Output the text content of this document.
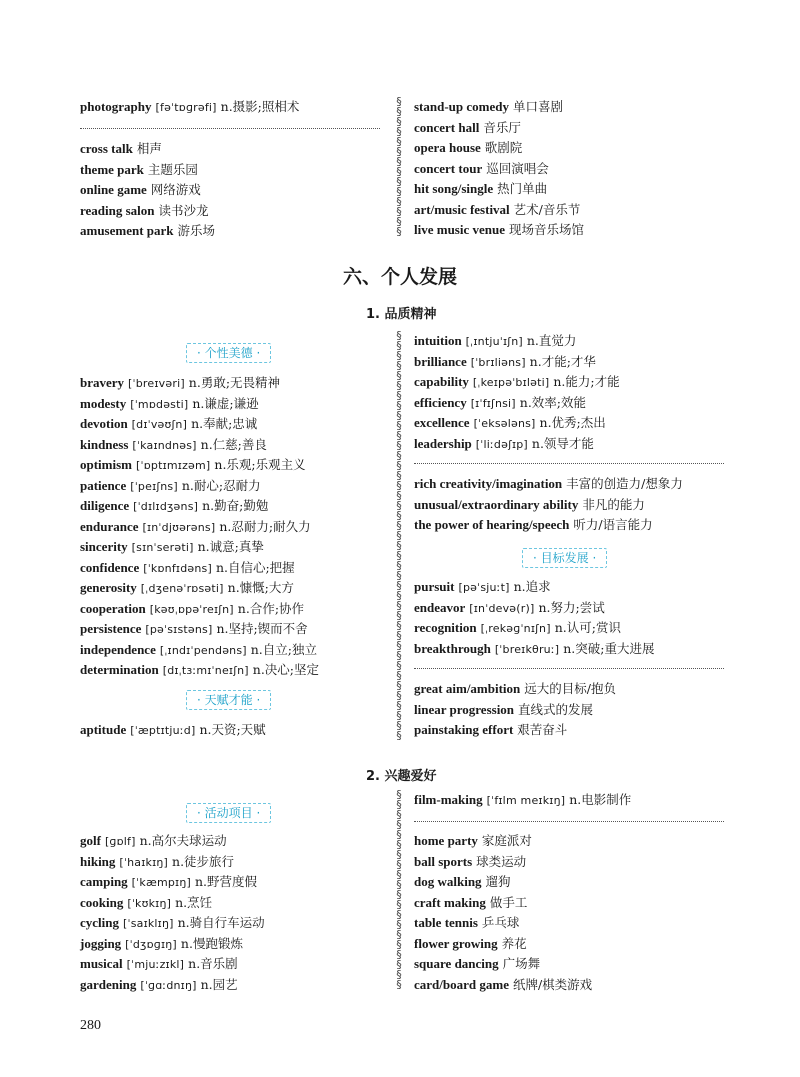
photography [fəˈtɒɡrəfi] n.摄影;照相术
cross talk 相声
theme park 主题乐园
online game 网络游戏
reading salon 读书沙龙
amusement park 游乐场
stand-up comedy 单口喜剧
concert hall 音乐厅
opera house 歌剧院
concert tour 巡回演唱会
hit song/single 热门单曲
art/music festival 艺术/音乐节
live music venue 现场音乐场馆
六、个人发展
1. 品质精神
· 个性美德 ·
bravery [ˈbreɪvəri] n.勇敢;无畏精神
modesty [ˈmɒdəsti] n.谦虚;谦逊
devotion [dɪˈvəʊʃn] n.奉献;忠诚
kindness [ˈkaɪndnəs] n.仁慈;善良
optimism [ˈɒptɪmɪzəm] n.乐观;乐观主义
patience [ˈpeɪʃns] n.耐心;忍耐力
diligence [ˈdɪlɪdʒəns] n.勤奋;勤勉
endurance [ɪnˈdjʊərəns] n.忍耐力;耐久力
sincerity [sɪnˈserəti] n.诚意;真挚
confidence [ˈkɒnfɪdəns] n.自信心;把握
generosity [ˌdʒenəˈrɒsəti] n.慷慨;大方
cooperation [kəʊˌɒpəˈreɪʃn] n.合作;协作
persistence [pəˈsɪstəns] n.坚持;锲而不舍
independence [ˌɪndɪˈpendəns] n.自立;独立
determination [dɪˌtɜːmɪˈneɪʃn] n.决心;坚定
· 天赋才能 ·
aptitude [ˈæptɪtjuːd] n.天资;天赋
intuition [ˌɪntjuˈɪʃn] n.直觉力
brilliance [ˈbrɪliəns] n.才能;才华
capability [ˌkeɪpəˈbɪləti] n.能力;才能
efficiency [ɪˈfɪʃnsi] n.效率;效能
excellence [ˈeksələns] n.优秀;杰出
leadership [ˈliːdəʃɪp] n.领导才能
rich creativity/imagination 丰富的创造力/想象力
unusual/extraordinary ability 非凡的能力
the power of hearing/speech 听力/语言能力
· 目标发展 ·
pursuit [pəˈsjuːt] n.追求
endeavor [ɪnˈdevə(r)] n.努力;尝试
recognition [ˌrekəɡˈnɪʃn] n.认可;赏识
breakthrough [ˈbreɪkθruː] n.突破;重大进展
great aim/ambition 远大的目标/抱负
linear progression 直线式的发展
painstaking effort 艰苦奋斗
2. 兴趣爱好
· 活动项目 ·
golf [ɡɒlf] n.高尔夫球运动
hiking [ˈhaɪkɪŋ] n.徒步旅行
camping [ˈkæmpɪŋ] n.野营度假
cooking [ˈkʊkɪŋ] n.烹饪
cycling [ˈsaɪklɪŋ] n.骑自行车运动
jogging [ˈdʒɒɡɪŋ] n.慢跑锻炼
musical [ˈmjuːzɪkl] n.音乐剧
gardening [ˈɡɑːdnɪŋ] n.园艺
film-making [ˈfɪlm meɪkɪŋ] n.电影制作
home party 家庭派对
ball sports 球类运动
dog walking 遛狗
craft making 做手工
table tennis 乒乓球
flower growing 养花
square dancing 广场舞
card/board game 纸牌/棋类游戏
§
§
§
§
§
§
§
§
§
§
§
§
§
§
§
§
§
§
§
§
§
§
§
§
§
§
§
§
§
§
§
§
§
§
§
§
§
§
§
§
§
§
§
§
§
§
§
§
§
§
§
§
§
§
§
§
§
§
§
§
§
§
§
§
§
§
§
§
§
§
§
§
§
§
§
280
